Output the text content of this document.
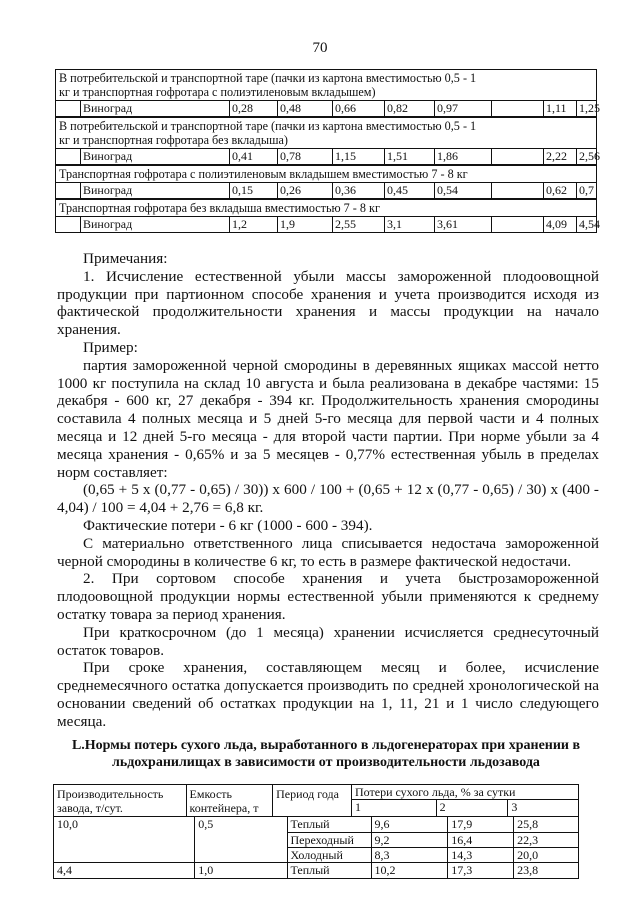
70
В потребительской и транспортной таре (пачки из картона вместимостью 0,5 - 1
кг и транспортная гофротара с полиэтиленовым вкладышем)
Виноград	0,28	0,48	0,66	0,82	0,97	1,11	1,25
В потребительской и транспортной таре (пачки из картона вместимостью 0,5 - 1
кг и транспортная гофротара без вкладыша)
Виноград	0,41	0,78	1,15	1,51	1,86	2,22	2,56
Транспортная гофротара с полиэтиленовым вкладышем вместимостью 7 - 8 кг
Виноград	0,15	0,26	0,36	0,45	0,54	0,62	0,7
Транспортная гофротара без вкладыша вместимостью 7 - 8 кг
Виноград	1,2	1,9	2,55	3,1	3,61	4,09	4,54

Примечания:

1. Исчисление естественной убыли массы замороженной плодоовощной продукции при партионном способе хранения и учета производится исходя из фактической продолжительности хранения и массы продукции на начало хранения.

Пример:

партия замороженной черной смородины в деревянных ящиках массой нетто 1000 кг поступила на склад 10 августа и была реализована в декабре частями: 15 декабря - 600 кг, 27 декабря - 394 кг. Продолжительность хранения смородины составила 4 полных месяца и 5 дней 5-го месяца для первой части и 4 полных месяца и 12 дней 5-го месяца - для второй части партии. При норме убыли за 4 месяца хранения - 0,65% и за 5 месяцев - 0,77% естественная убыль в пределах норм составляет:

(0,65 + 5 x (0,77 - 0,65) / 30)) x 600 / 100 + (0,65 + 12 x (0,77 - 0,65) / 30) x (400 - 4,04) / 100 = 4,04 + 2,76 = 6,8 кг.

Фактические потери - 6 кг (1000 - 600 - 394).

С материально ответственного лица списывается недостача замороженной черной смородины в количестве 6 кг, то есть в размере фактической недостачи.

2. При сортовом способе хранения и учета быстрозамороженной плодоовощной продукции нормы естественной убыли применяются к среднему остатку товара за период хранения.

При краткосрочном (до 1 месяца) хранении исчисляется среднесуточный остаток товаров.

При сроке хранения, составляющем месяц и более, исчисление среднемесячного остатка допускается производить по средней хронологической на основании сведений об остатках продукции на 1, 11, 21 и 1 число следующего месяца.

L.Нормы потерь сухого льда, выработанного в льдогенераторах при хранении в льдохранилищах в зависимости от производительности льдозавода
Производительность
завода, т/сут.
Емкость
контейнера, т
Период года	Потери сухого льда, % за сутки
1	2	3
10,0	0,5	Теплый	9,6	17,9	25,8
Переходный	9,2	16,4	22,3
Холодный	8,3	14,3	20,0
4,4	1,0	Теплый	10,2	17,3	23,8
